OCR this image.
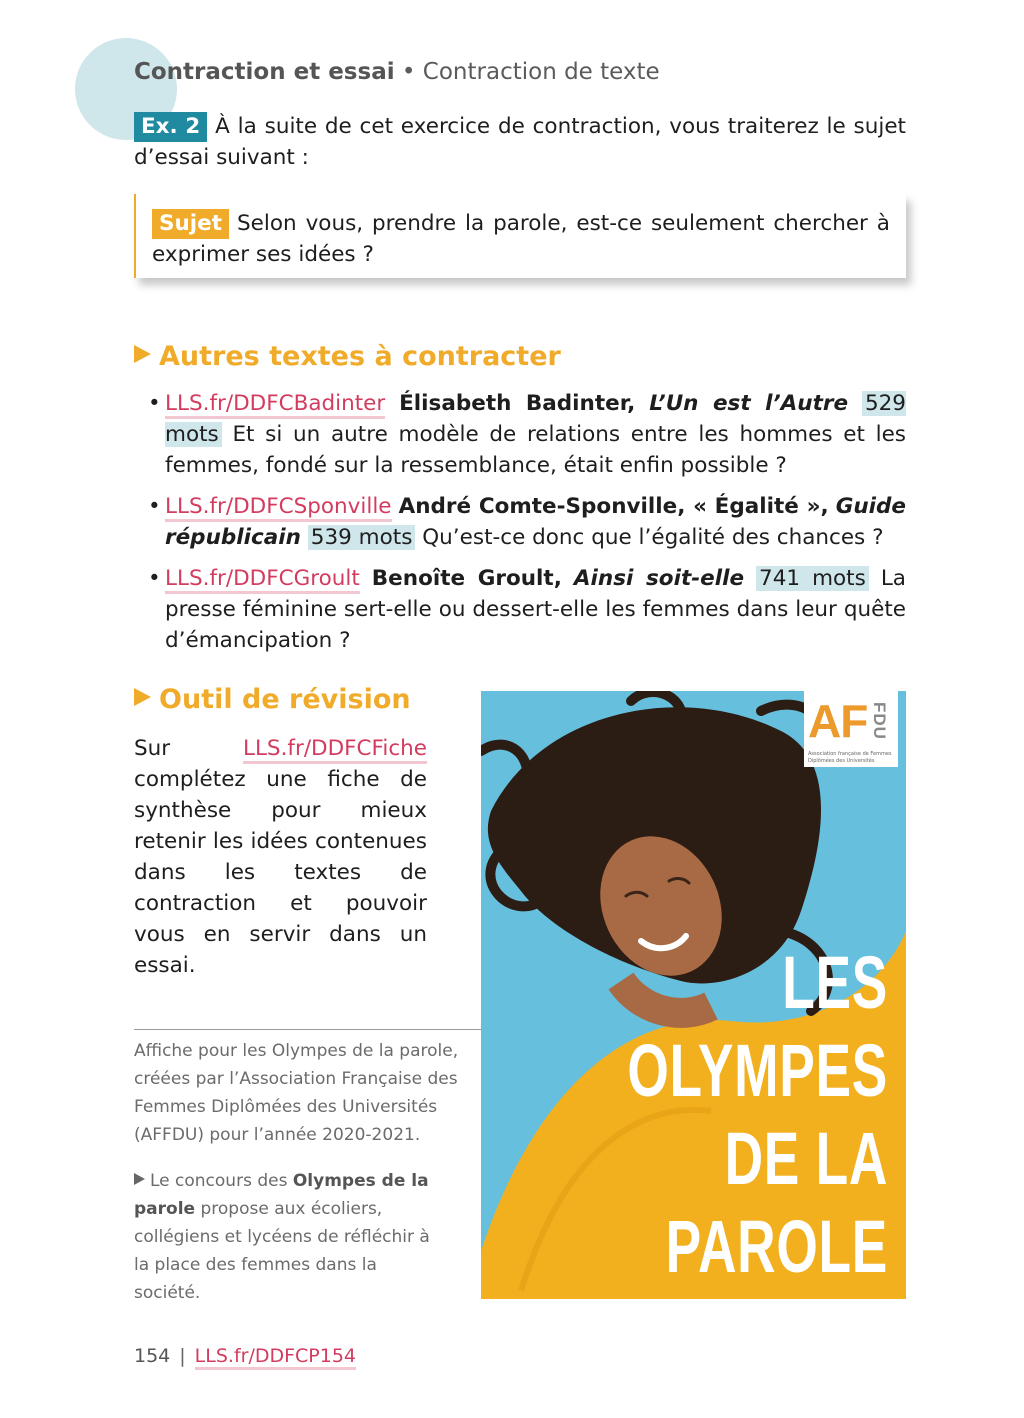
Contraction et essai • Contraction de texte
Ex. 2 À la suite de cet exercice de contraction, vous traiterez le sujet d’essai suivant :
Sujet Selon vous, prendre la parole, est-ce seulement chercher à exprimer ses idées ?
Autres textes à contracter
• LLS.fr/DDFCBadinter Élisabeth Badinter, L’Un est l’Autre 529 mots Et si un autre modèle de relations entre les hommes et les femmes, fondé sur la ressemblance, était enfin possible ?
• LLS.fr/DDFCSponville André Comte-Sponville, « Égalité », Guide républicain 539 mots Qu’est-ce donc que l’égalité des chances ?
• LLS.fr/DDFCGroult Benoîte Groult, Ainsi soit-elle 741 mots La presse féminine sert-elle ou dessert-elle les femmes dans leur quête d’émancipation ?
Outil de révision
Sur	LLS.fr/DDFCFiche complétez une fiche de synthèse pour mieux retenir les idées contenues dans les textes de contraction et pouvoir vous en servir dans un essai.
Affiche pour les Olympes de la parole, créées par l’Association Française des Femmes Diplômées des Universités (AFFDU) pour l’année 2020-2021.
Le concours des Olympes de la parole propose aux écoliers, collégiens et lycéens de réfléchir à la place des femmes dans la société.
AF FDU
Association française de Femmes Diplômées des Universités
LES
OLYMPES
DE LA
PAROLE
154 | LLS.fr/DDFCP154
